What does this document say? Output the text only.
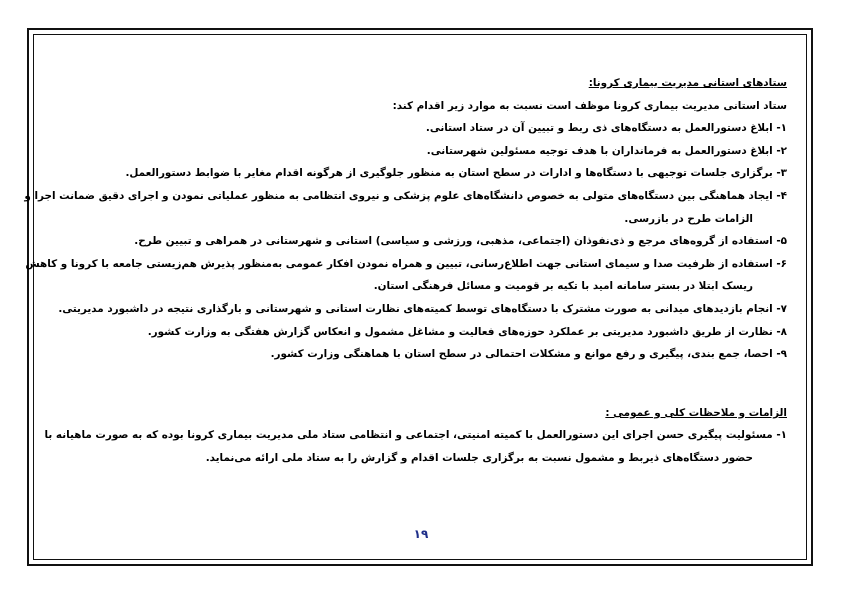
ستادهای استانی مدیریت بیماری کرونا:
ستاد استانی مدیریت بیماری کرونا موظف است نسبت به موارد زیر اقدام کند:
۱- ابلاغ دستورالعمل به دستگاه‌های ذی ربط و تبیین آن در ستاد استانی.
۲- ابلاغ دستورالعمل به فرمانداران با هدف توجیه مسئولین شهرستانی.
۳- برگزاری جلسات توجیهی با دستگاه‌ها و ادارات در سطح استان به منظور جلوگیری از هرگونه اقدام مغایر با ضوابط دستورالعمل.
۴- ایجاد هماهنگی بین دستگاه‌های متولی به خصوص دانشگاه‌های علوم پزشکی و نیروی انتظامی به منظور عملیاتی نمودن و اجرای دقیق ضمانت اجرا و
الزامات طرح در بازرسی.
۵- استفاده از گروه‌های مرجع و ذی‌نفوذان (اجتماعی، مذهبی، ورزشی و سیاسی) استانی و شهرستانی در همراهی و تبیین طرح.
۶- استفاده از ظرفیت صدا و سیمای استانی جهت اطلاع‌رسانی، تبیین و همراه نمودن افکار عمومی به‌منظور پذیرش هم‌زیستی جامعه با کرونا و کاهش
ریسک ابتلا در بستر سامانه امید با تکیه بر قومیت و مسائل فرهنگی استان.
۷- انجام بازدیدهای میدانی به صورت مشترک با دستگاه‌های توسط کمیته‌های نظارت استانی و شهرستانی و بارگذاری نتیجه در داشبورد مدیریتی.
۸- نظارت از طریق داشبورد مدیریتی بر عملکرد حوزه‌های فعالیت و مشاغل مشمول و انعکاس گزارش هفتگی به وزارت کشور.
۹- احصا، جمع بندی، پیگیری و رفع موانع و مشکلات احتمالی در سطح استان با هماهنگی وزارت کشور.
الزامات و ملاحظات کلی و عمومی :
۱- مسئولیت پیگیری حسن اجرای این دستورالعمل با کمیته امنیتی، اجتماعی و انتظامی ستاد ملی مدیریت بیماری کرونا بوده که به صورت ماهیانه با
حضور دستگاه‌های ذیربط و مشمول نسبت به برگزاری جلسات اقدام و گزارش را به ستاد ملی ارائه می‌نماید.
۱۹
